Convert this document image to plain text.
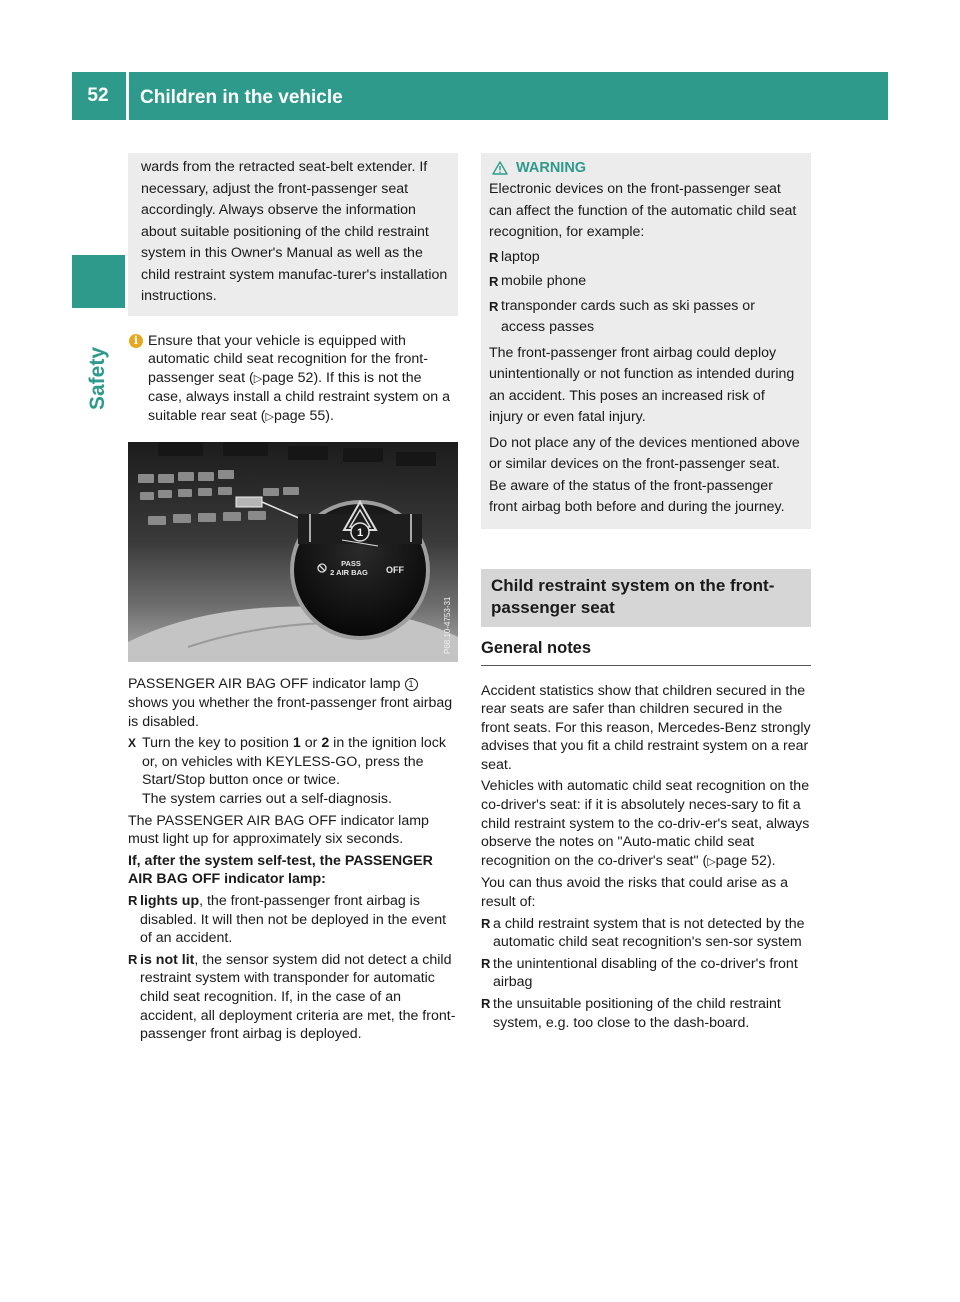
52	Children in the vehicle
Safety

wards from the retracted seat-belt extender. If necessary, adjust the front-passenger seat accordingly. Always observe the information about suitable positioning of the child restraint system in this Owner's Manual as well as the child restraint system manufac-turer's installation instructions.

i Ensure that your vehicle is equipped with automatic child seat recognition for the front-passenger seat (▷page 52). If this is not the case, always install a child restraint system on a suitable rear seat (▷page 55).

1
PASS
2 AIR BAG OFF
P68.10-4753-31

PASSENGER AIR BAG OFF indicator lamp 1 shows you whether the front-passenger front airbag is disabled.

X Turn the key to position 1 or 2 in the ignition lock or, on vehicles with KEYLESS-GO, press the Start/Stop button once or twice.

The system carries out a self-diagnosis.

The PASSENGER AIR BAG OFF indicator lamp must light up for approximately six seconds.

If, after the system self-test, the PASSENGER AIR BAG OFF indicator lamp:

R lights up, the front-passenger front airbag is disabled. It will then not be deployed in the event of an accident.

R is not lit, the sensor system did not detect a child restraint system with transponder for automatic child seat recognition. If, in the case of an accident, all deployment criteria are met, the front-passenger front airbag is deployed.

WARNING

Electronic devices on the front-passenger seat can affect the function of the automatic child seat recognition, for example:

R laptop

R mobile phone

R transponder cards such as ski passes or access passes

The front-passenger front airbag could deploy unintentionally or not function as intended during an accident. This poses an increased risk of injury or even fatal injury.

Do not place any of the devices mentioned above or similar devices on the front-passenger seat. Be aware of the status of the front-passenger front airbag both before and during the journey.

Child restraint system on the front-passenger seat
General notes

Accident statistics show that children secured in the rear seats are safer than children secured in the front seats. For this reason, Mercedes-Benz strongly advises that you fit a child restraint system on a rear seat.

Vehicles with automatic child seat recognition on the co-driver's seat: if it is absolutely neces-sary to fit a child restraint system to the co-driv-er's seat, always observe the notes on "Auto-matic child seat recognition on the co-driver's seat" (▷page 52).

You can thus avoid the risks that could arise as a result of:

R a child restraint system that is not detected by the automatic child seat recognition's sen-sor system

R the unintentional disabling of the co-driver's front airbag

R the unsuitable positioning of the child restraint system, e.g. too close to the dash-board.
